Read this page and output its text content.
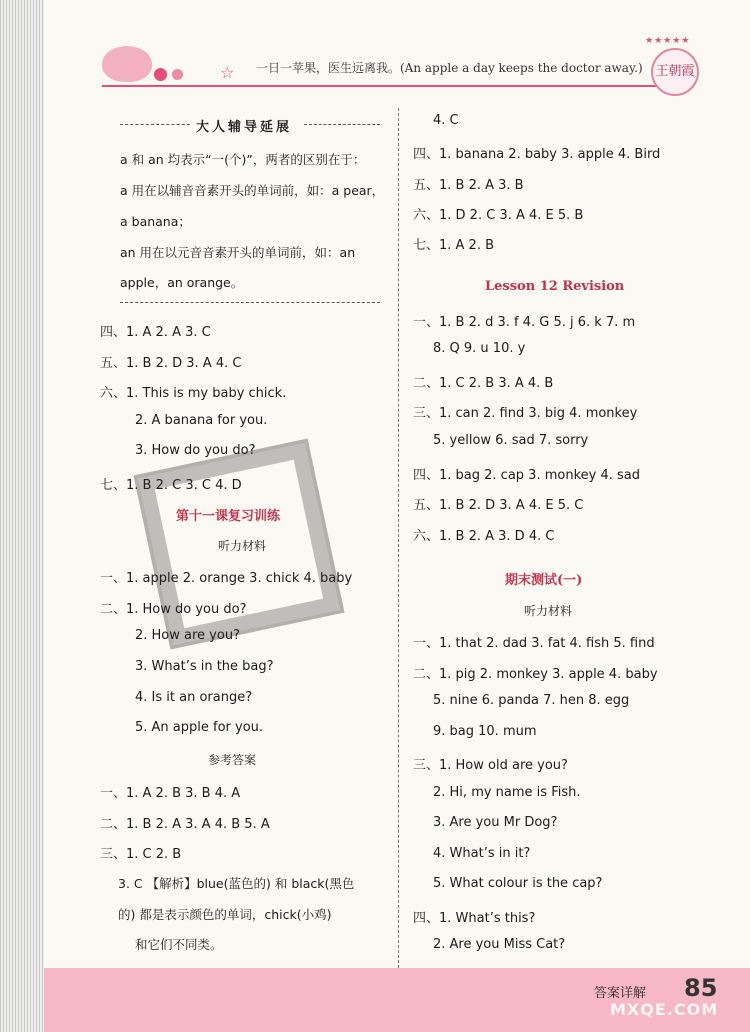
☆ 一日一苹果，医生远离我。(An apple a day keeps the doctor away.)
★★★★★
王朝霞
大人辅导延展
a 和 an 均表示“一(个)”，两者的区别在于：
a 用在以辅音音素开头的单词前，如：a pear，
a banana；
an 用在以元音音素开头的单词前，如：an
apple，an orange。
四、1. A 2. A 3. C
五、1. B 2. D 3. A 4. C
六、1. This is my baby chick.
2. A banana for you.
3. How do you do?
七、1. B 2. C 3. C 4. D
第十一课复习训练
听力材料
一、1. apple 2. orange 3. chick 4. baby
二、1. How do you do?
2. How are you?
3. What’s in the bag?
4. Is it an orange?
5. An apple for you.
参考答案
一、1. A 2. B 3. B 4. A
二、1. B 2. A 3. A 4. B 5. A
三、1. C 2. B
3. C 【解析】blue(蓝色的) 和 black(黑色
的) 都是表示颜色的单词，chick(小鸡)
和它们不同类。
4. C
四、1. banana 2. baby 3. apple 4. Bird
五、1. B 2. A 3. B
六、1. D 2. C 3. A 4. E 5. B
七、1. A 2. B
Lesson 12 Revision
一、1. B 2. d 3. f 4. G 5. j 6. k 7. m
8. Q 9. u 10. y
二、1. C 2. B 3. A 4. B
三、1. can 2. find 3. big 4. monkey
5. yellow 6. sad 7. sorry
四、1. bag 2. cap 3. monkey 4. sad
五、1. B 2. D 3. A 4. E 5. C
六、1. B 2. A 3. D 4. C
期末测试(一)
听力材料
一、1. that 2. dad 3. fat 4. fish 5. find
二、1. pig 2. monkey 3. apple 4. baby
5. nine 6. panda 7. hen 8. egg
9. bag 10. mum
三、1. How old are you?
2. Hi, my name is Fish.
3. Are you Mr Dog?
4. What’s in it?
5. What colour is the cap?
四、1. What’s this?
2. Are you Miss Cat?
答案详解 85
MXQE.COM
